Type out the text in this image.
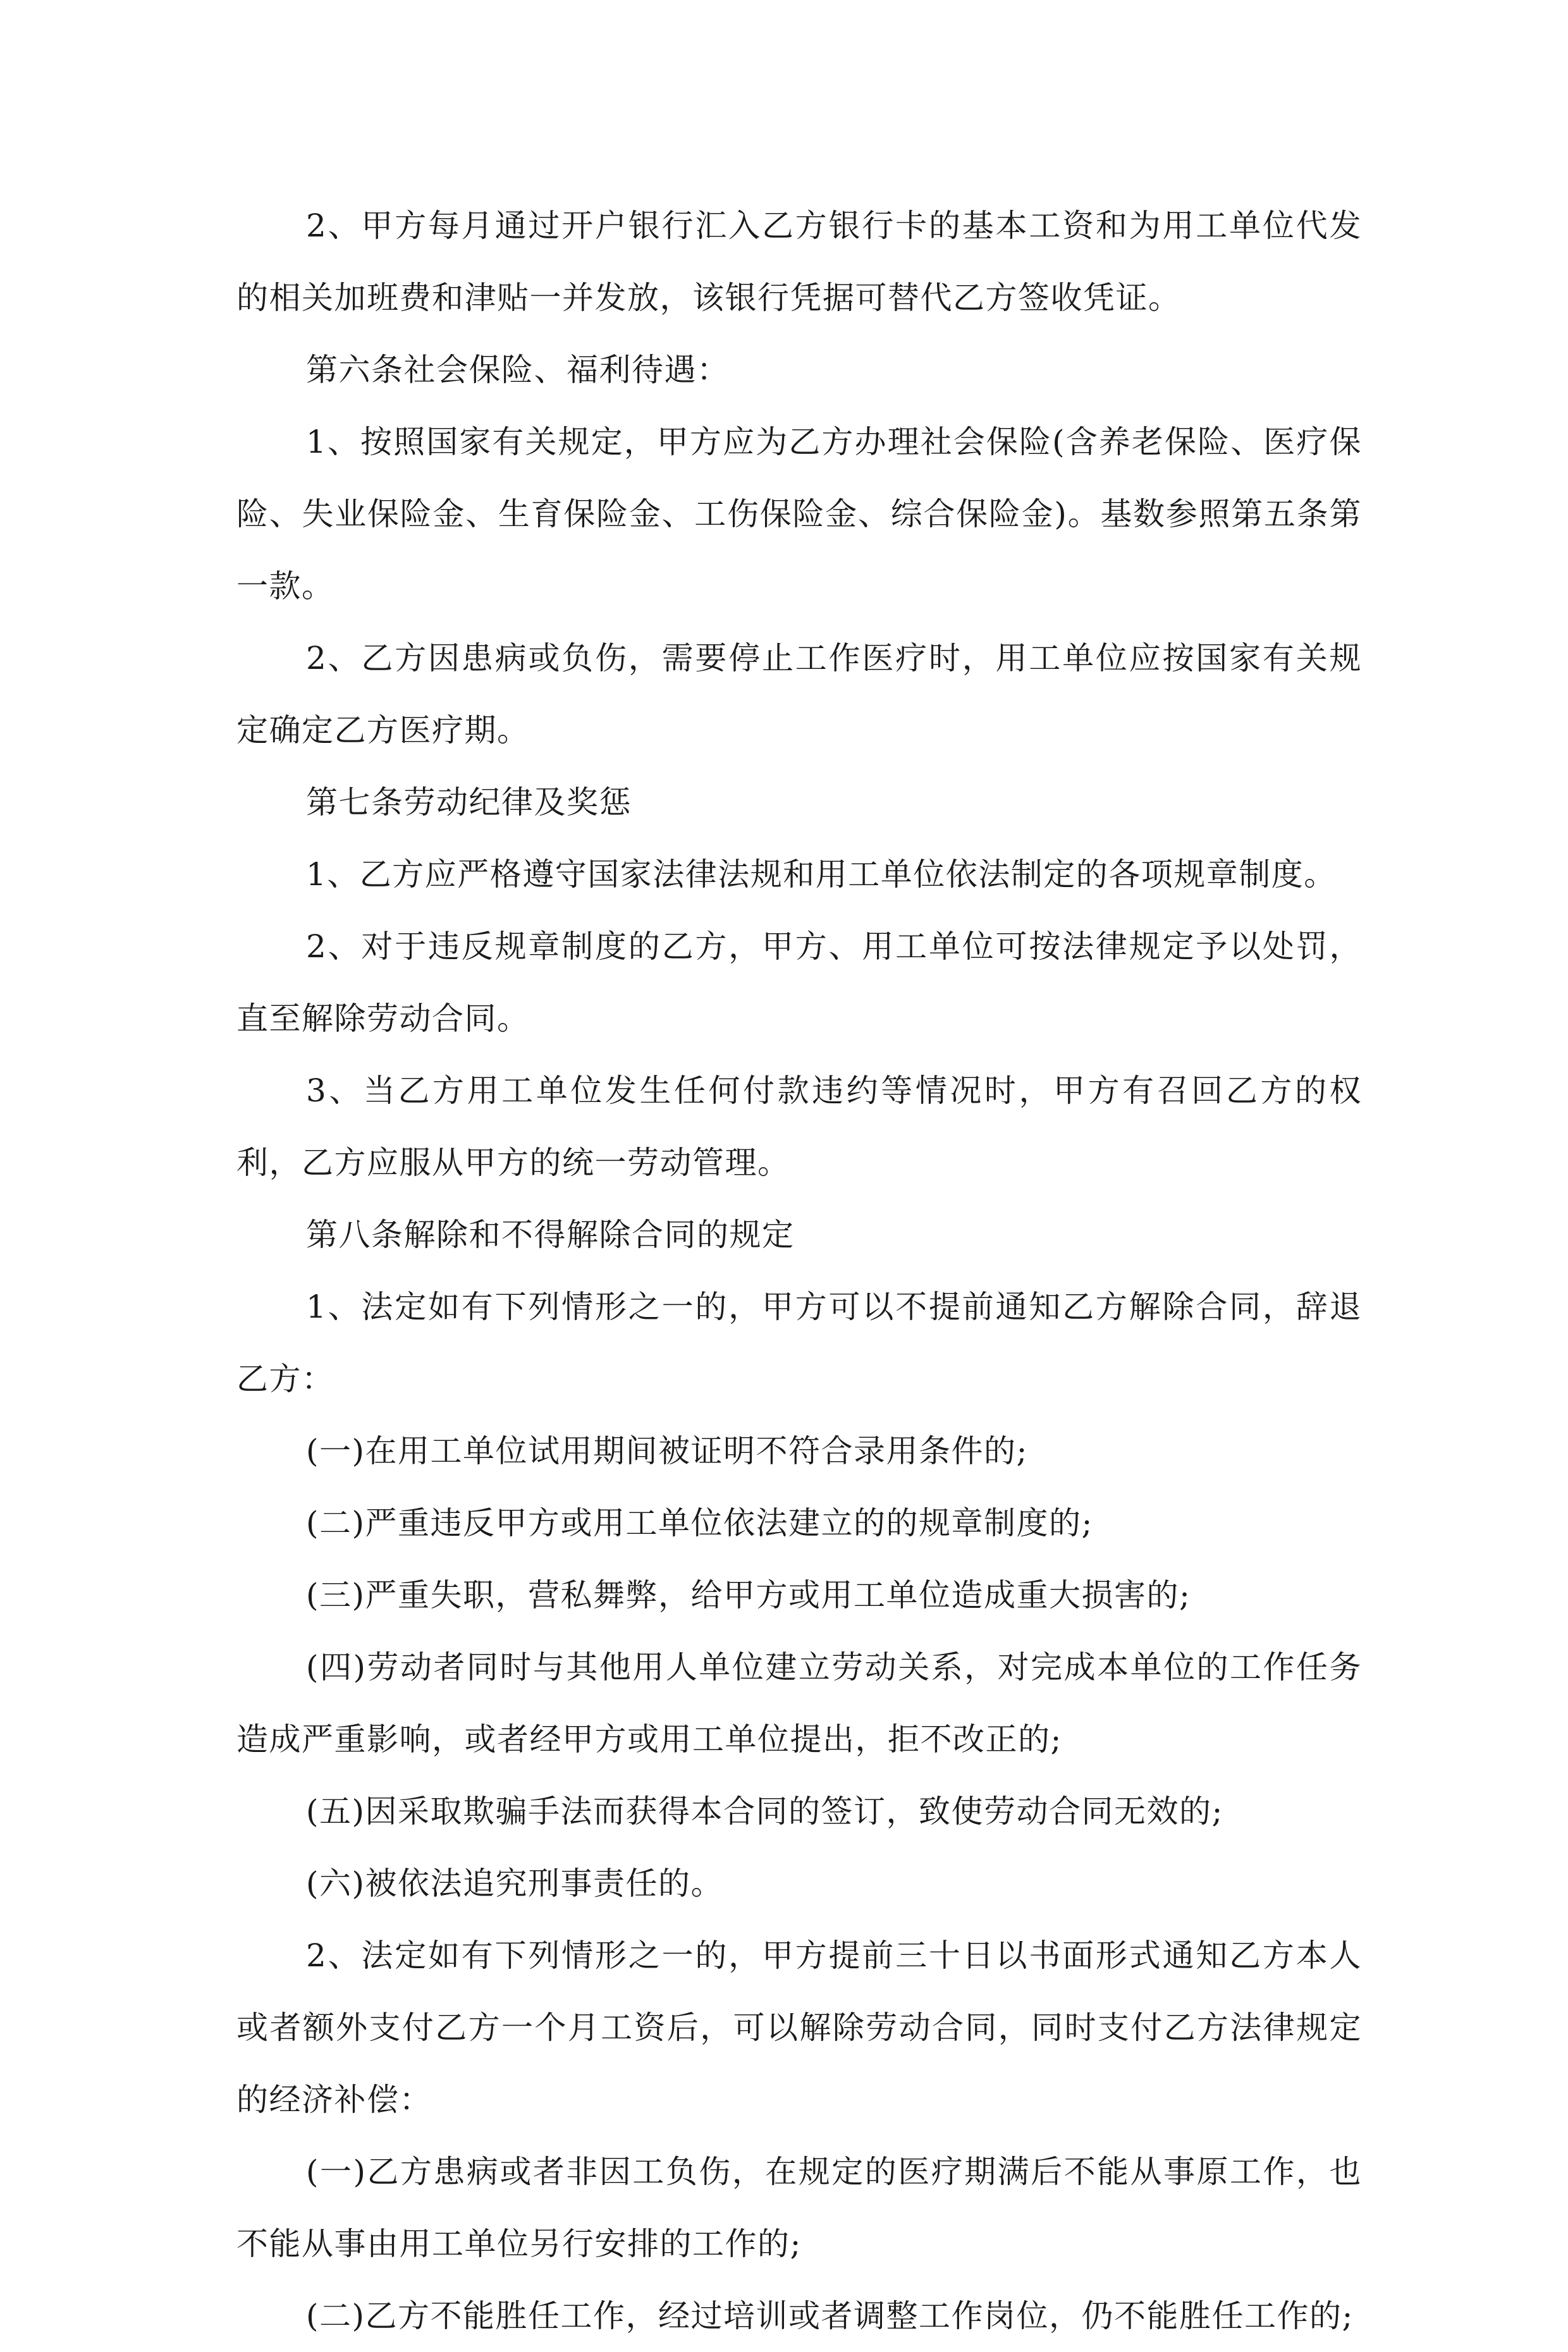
2、甲方每月通过开户银行汇入乙方银行卡的基本工资和为用工单位代发的相关加班费和津贴一并发放，该银行凭据可替代乙方签收凭证。

第六条社会保险、福利待遇：

1、按照国家有关规定，甲方应为乙方办理社会保险(含养老保险、医疗保险、失业保险金、生育保险金、工伤保险金、综合保险金)。基数参照第五条第一款。

2、乙方因患病或负伤，需要停止工作医疗时，用工单位应按国家有关规定确定乙方医疗期。

第七条劳动纪律及奖惩

1、乙方应严格遵守国家法律法规和用工单位依法制定的各项规章制度。

2、对于违反规章制度的乙方，甲方、用工单位可按法律规定予以处罚，直至解除劳动合同。

3、当乙方用工单位发生任何付款违约等情况时，甲方有召回乙方的权利，乙方应服从甲方的统一劳动管理。

第八条解除和不得解除合同的规定

1、法定如有下列情形之一的，甲方可以不提前通知乙方解除合同，辞退乙方：

(一)在用工单位试用期间被证明不符合录用条件的;

(二)严重违反甲方或用工单位依法建立的的规章制度的;

(三)严重失职，营私舞弊，给甲方或用工单位造成重大损害的;

(四)劳动者同时与其他用人单位建立劳动关系，对完成本单位的工作任务造成严重影响，或者经甲方或用工单位提出，拒不改正的;

(五)因采取欺骗手法而获得本合同的签订，致使劳动合同无效的;

(六)被依法追究刑事责任的。

2、法定如有下列情形之一的，甲方提前三十日以书面形式通知乙方本人或者额外支付乙方一个月工资后，可以解除劳动合同，同时支付乙方法律规定的经济补偿：

(一)乙方患病或者非因工负伤，在规定的医疗期满后不能从事原工作，也不能从事由用工单位另行安排的工作的;

(二)乙方不能胜任工作，经过培训或者调整工作岗位，仍不能胜任工作的;
